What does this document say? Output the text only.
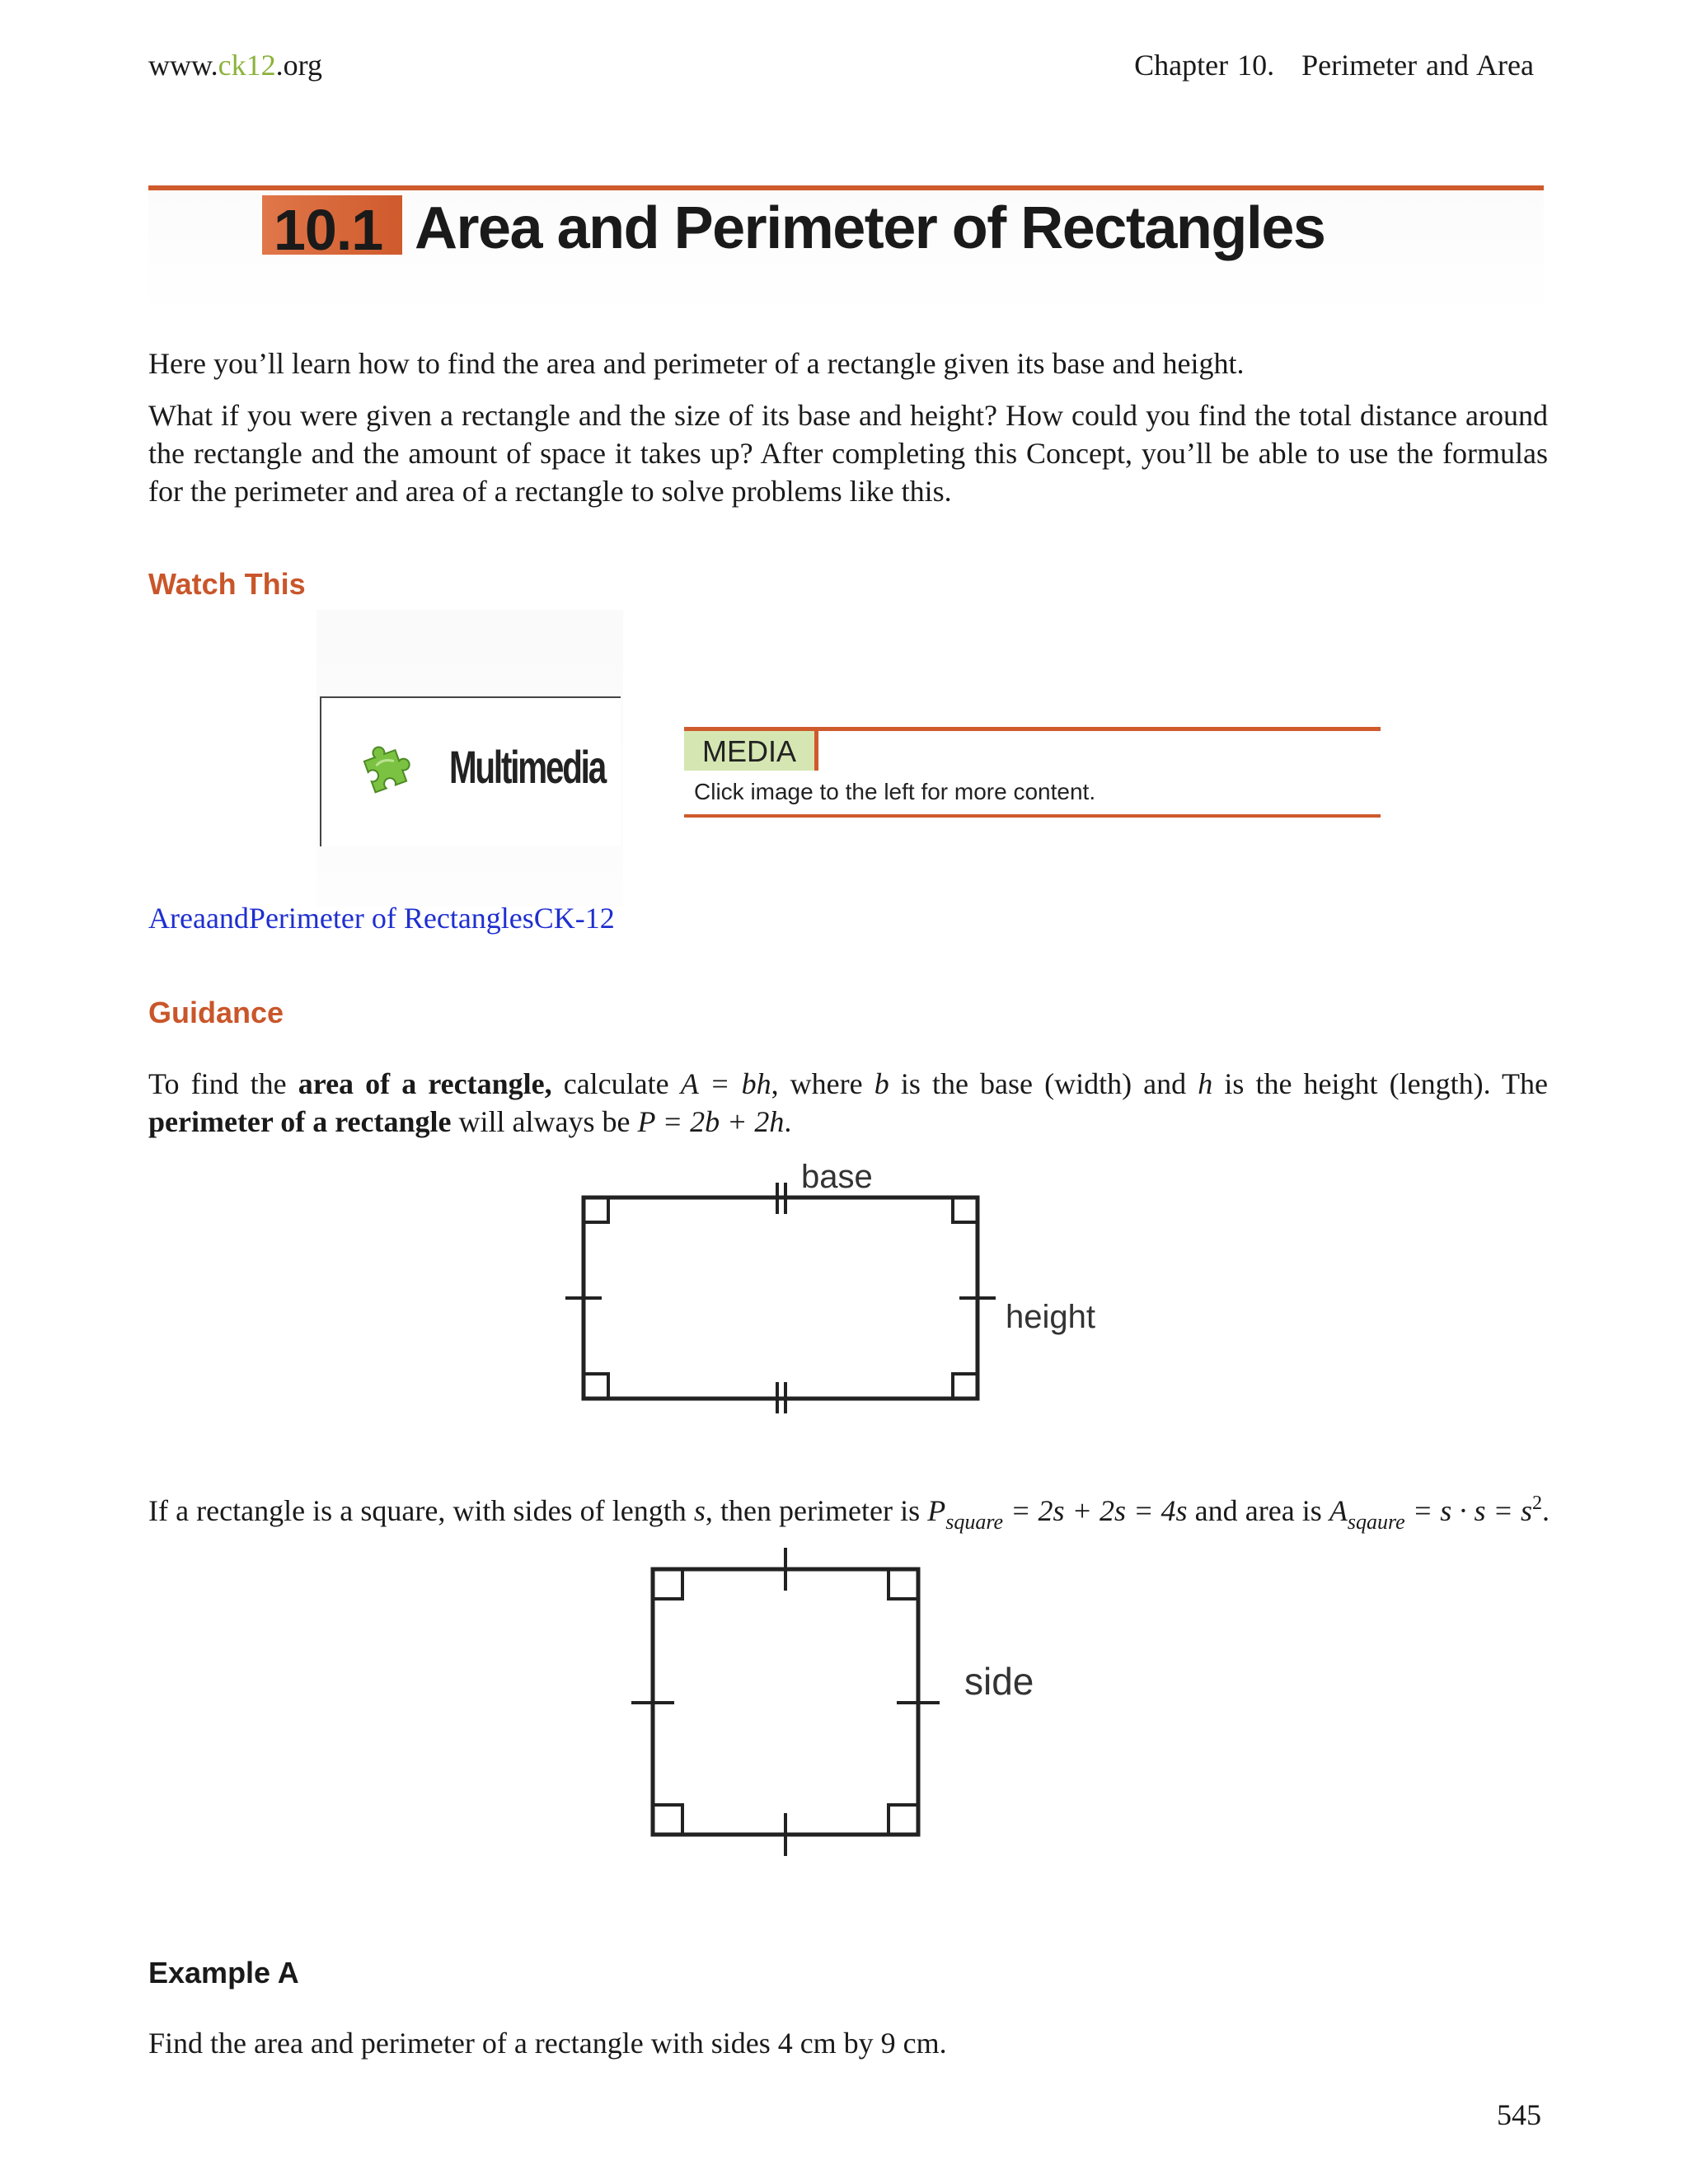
www.ck12.org	Chapter 10.   Perimeter and Area
10.1 Area and Perimeter of Rectangles
Here you’ll learn how to find the area and perimeter of a rectangle given its base and height.
What if you were given a rectangle and the size of its base and height? How could you find the total distance around
the rectangle and the amount of space it takes up? After completing this Concept, you’ll be able to use the formulas
for the perimeter and area of a rectangle to solve problems like this.
Watch This
Multimedia	MEDIA
Click image to the left for more content.
AreaandPerimeter of RectanglesCK-12
Guidance
To find the area of a rectangle, calculate A = bh, where b is the base (width) and h is the height (length). The
perimeter of a rectangle will always be P = 2b + 2h.
base
height
If a rectangle is a square, with sides of length s, then perimeter is $P_{square} = 2s + 2s = 4s$ and area is $A_{sqaure} = s \cdot s = s^2$.
side
Example A
Find the area and perimeter of a rectangle with sides 4 cm by 9 cm.
545
